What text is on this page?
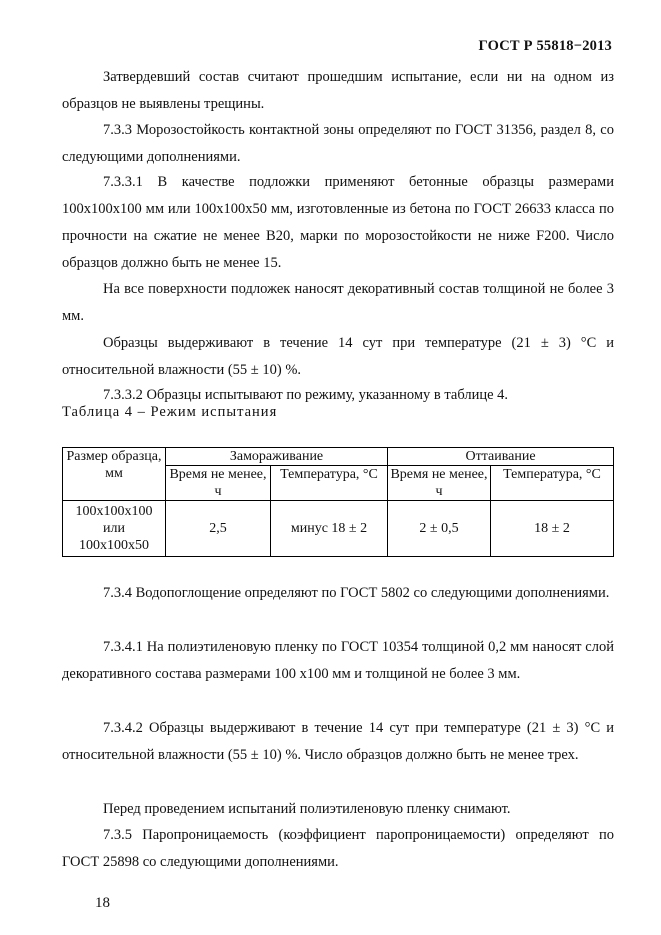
ГОСТ Р 55818−2013

Затвердевший состав считают прошедшим испытание, если ни на одном из образцов не выявлены трещины.

7.3.3 Морозостойкость контактной зоны определяют по ГОСТ 31356, раздел 8, со следующими дополнениями.

7.3.3.1 В качестве подложки применяют бетонные образцы размерами 100х100х100 мм или 100х100х50 мм, изготовленные из бетона по ГОСТ 26633 класса по прочности на сжатие не менее В20, марки по морозостойкости не ниже F200. Число образцов должно быть не менее 15.

На все поверхности подложек наносят декоративный состав толщиной не более 3 мм.

Образцы выдерживают в течение 14 сут при температуре (21 ± 3) °С и относительной влажности (55 ± 10) %.

7.3.3.2 Образцы испытывают по режиму, указанному в таблице 4.

Таблица 4 – Режим испытания
Размер образца, мм	Замораживание		Оттаивание	
	Время не менее, ч	Температура, °С	Время не менее, ч	Температура, °С
100х100х100 или 100х100х50	2,5	минус 18 ± 2	2 ± 0,5	18 ± 2

7.3.4 Водопоглощение определяют по ГОСТ 5802 со следующими дополнениями.

7.3.4.1 На полиэтиленовую пленку по ГОСТ 10354 толщиной 0,2 мм наносят слой декоративного состава размерами 100 х100 мм и толщиной не более 3 мм.

7.3.4.2 Образцы выдерживают в течение 14 сут при температуре (21 ± 3) °С и относительной влажности (55 ± 10) %. Число образцов должно быть не менее трех.

Перед проведением испытаний полиэтиленовую пленку снимают.

7.3.5 Паропроницаемость (коэффициент паропроницаемости) определяют по ГОСТ 25898 со следующими дополнениями.

18
